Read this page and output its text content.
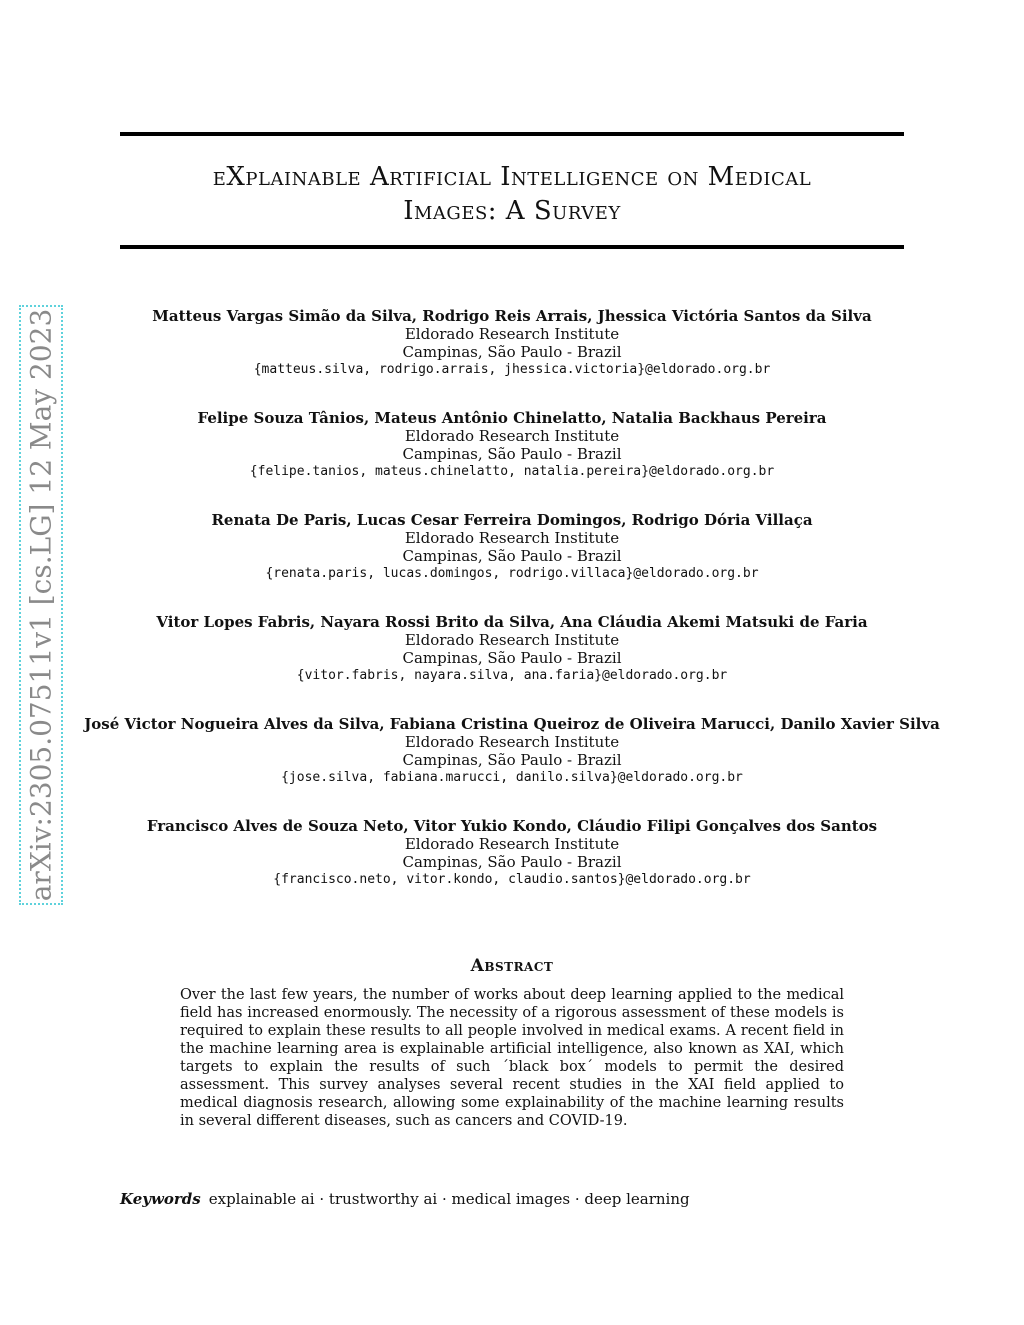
eXplainable Artificial Intelligence on Medical
Images: A Survey
arXiv:2305.07511v1 [cs.LG] 12 May 2023	Matteus Vargas Simão da Silva, Rodrigo Reis Arrais, Jhessica Victória Santos da Silva
Eldorado Research Institute
Campinas, São Paulo - Brazil
{matteus.silva, rodrigo.arrais, jhessica.victoria}@eldorado.org.br
Felipe Souza Tânios, Mateus Antônio Chinelatto, Natalia Backhaus Pereira
Eldorado Research Institute
Campinas, São Paulo - Brazil
{felipe.tanios, mateus.chinelatto, natalia.pereira}@eldorado.org.br
Renata De Paris, Lucas Cesar Ferreira Domingos, Rodrigo Dória Villaça
Eldorado Research Institute
Campinas, São Paulo - Brazil
{renata.paris, lucas.domingos, rodrigo.villaca}@eldorado.org.br
Vitor Lopes Fabris, Nayara Rossi Brito da Silva, Ana Cláudia Akemi Matsuki de Faria
Eldorado Research Institute
Campinas, São Paulo - Brazil
{vitor.fabris, nayara.silva, ana.faria}@eldorado.org.br
José Victor Nogueira Alves da Silva, Fabiana Cristina Queiroz de Oliveira Marucci, Danilo Xavier Silva
Eldorado Research Institute
Campinas, São Paulo - Brazil
{jose.silva, fabiana.marucci, danilo.silva}@eldorado.org.br
Francisco Alves de Souza Neto, Vitor Yukio Kondo, Cláudio Filipi Gonçalves dos Santos
Eldorado Research Institute
Campinas, São Paulo - Brazil
{francisco.neto, vitor.kondo, claudio.santos}@eldorado.org.br
Abstract
Over the last few years, the number of works about deep learning applied to the medical field has increased enormously. The necessity of a rigorous assessment of these models is required to explain these results to all people involved in medical exams. A recent field in the machine learning area is explainable artificial intelligence, also known as XAI, which targets to explain the results of such ´black box´ models to permit the desired assessment. This survey analyses several recent studies in the XAI field applied to medical diagnosis research, allowing some explainability of the machine learning results in several different diseases, such as cancers and COVID-19.
Keywords explainable ai · trustworthy ai · medical images · deep learning
